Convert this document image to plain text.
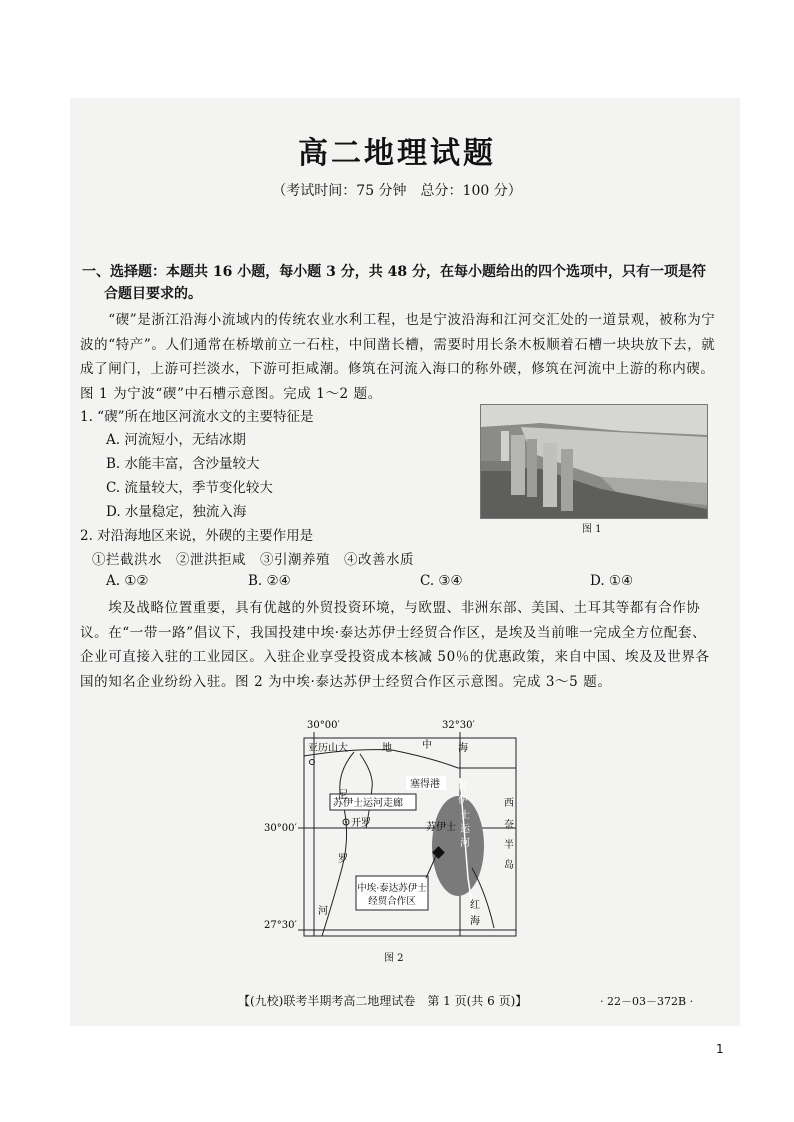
高二地理试题
（考试时间：75 分钟　总分：100 分）
一、选择题：本题共 16 小题，每小题 3 分，共 48 分，在每小题给出的四个选项中，只有一项是符
合题目要求的。
　　“碶”是浙江沿海小流域内的传统农业水利工程，也是宁波沿海和江河交汇处的一道景观，被称为宁波的“特产”。人们通常在桥墩前立一石柱，中间凿长槽，需要时用长条木板顺着石槽一块块放下去，就成了闸门，上游可拦淡水，下游可拒咸潮。修筑在河流入海口的称外碶，修筑在河流中上游的称内碶。图 1 为宁波“碶”中石槽示意图。完成 1～2 题。
1. “碶”所在地区河流水文的主要特征是
A. 河流短小，无结冰期
B. 水能丰富，含沙量较大
C. 流量较大，季节变化较大
D. 水量稳定，独流入海
图 1
2. 对沿海地区来说，外碶的主要作用是
①拦截洪水　②泄洪拒咸　③引潮养殖　④改善水质
A. ①②	B. ②④	C. ③④	D. ①④
　　埃及战略位置重要，具有优越的外贸投资环境，与欧盟、非洲东部、美国、土耳其等都有合作协议。在“一带一路”倡议下，我国投建中埃·泰达苏伊士经贸合作区，是埃及当前唯一完成全方位配套、企业可直接入驻的工业园区。入驻企业享受投资成本核减 50％的优惠政策，来自中国、埃及及世界各国的知名企业纷纷入驻。图 2 为中埃·泰达苏伊士经贸合作区示意图。完成 3～5 题。
30°00′	32°30′
30°00′
27°30′
亚历山大	地	中	海
塞得港
苏伊士运河走廊
开罗	苏伊士
苏
伊
士
运
河
尼
罗
河
西
奈
半
岛
红
海
中埃·泰达苏伊士
经贸合作区
图 2
【(九校)联考半期考高二地理试卷　第 1 页(共 6 页)】	· 22－03－372B ·
1
